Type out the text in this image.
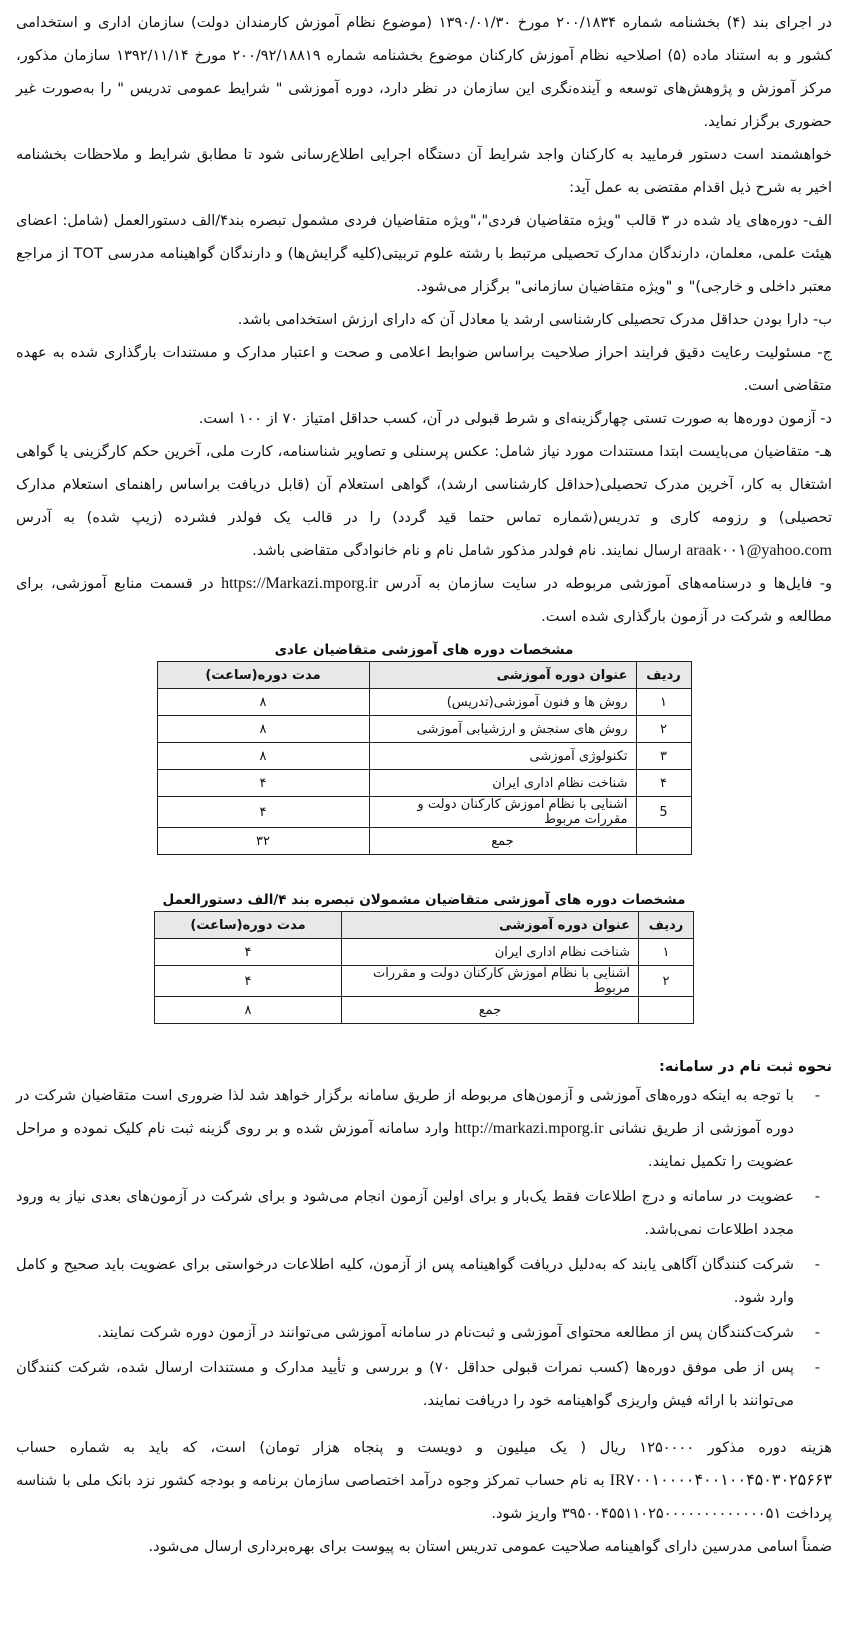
در اجرای بند (۴) بخشنامه شماره ۲۰۰/۱۸۳۴ مورخ ۱۳۹۰/۰۱/۳۰ (موضوع نظام آموزش کارمندان دولت) سازمان اداری و استخدامی کشور و به استناد ماده (۵) اصلاحیه نظام آموزش کارکنان موضوع بخشنامه شماره ۲۰۰/۹۲/۱۸۸۱۹ مورخ ۱۳۹۲/۱۱/۱۴ سازمان مذکور، مرکز آموزش و پژوهش‌های توسعه و آینده‌نگری این سازمان در نظر دارد، دوره آموزشی " شرایط عمومی تدریس " را به‌صورت غیر حضوری برگزار نماید.

خواهشمند است دستور فرمایید به کارکنان واجد شرایط آن دستگاه اجرایی اطلاع‌رسانی شود تا مطابق شرایط و ملاحظات بخشنامه اخیر به شرح ذیل اقدام مقتضی به عمل آید:

الف- دوره‌های یاد شده در ۳ قالب "ویژه متقاضیان فردی"،"ویژه متقاضیان فردی مشمول تبصره بند۴/الف دستورالعمل (شامل: اعضای هیئت علمی، معلمان، دارندگان مدارک تحصیلی مرتبط با رشته علوم تربیتی(کلیه گرایش‌ها) و دارندگان گواهینامه مدرسی TOT از مراجع معتبر داخلی و خارجی)" و "ویژه متقاضیان سازمانی" برگزار می‌شود.

ب- دارا بودن حداقل مدرک تحصیلی کارشناسی ارشد یا معادل آن که دارای ارزش استخدامی باشد.

ج- مسئولیت رعایت دقیق فرایند احراز صلاحیت براساس ضوابط اعلامی و صحت و اعتبار مدارک و مستندات بارگذاری شده به عهده متقاضی است.

د- آزمون دوره‌ها به صورت تستی چهارگزینه‌ای و شرط قبولی در آن، کسب حداقل امتیاز ۷۰ از ۱۰۰ است.

هـ- متقاضیان می‌بایست ابتدا مستندات مورد نیاز شامل: عکس پرسنلی و تصاویر شناسنامه، کارت ملی، آخرین حکم کارگزینی یا گواهی اشتغال به کار، آخرین مدرک تحصیلی(حداقل کارشناسی ارشد)، گواهی استعلام آن (قابل دریافت براساس راهنمای استعلام مدارک تحصیلی) و رزومه کاری و تدریس(شماره تماس حتما قید گردد) را در قالب یک فولدر فشرده (زیپ شده) به آدرس araak۰۰۱@yahoo.com ارسال نمایند. نام فولدر مذکور شامل نام و نام خانوادگی متقاضی باشد.

و- فایل‌ها و درسنامه‌های آموزشی مربوطه در سایت سازمان به آدرس https://Markazi.mporg.ir در قسمت منابع آموزشی، برای مطالعه و شرکت در آزمون بارگذاری شده است.

مشخصات دوره های آموزشی متقاضیان عادی
ردیف	عنوان دوره آموزشی	مدت دوره(ساعت)
۱	روش ها و فنون آموزشی(تدریس)	۸
۲	روش های سنجش و ارزشیابی آموزشی	۸
۳	تکنولوژی آموزشی	۸
۴	شناخت نظام اداری ایران	۴
5	آشنایی با نظام آموزش کارکنان دولت و مقررات مربوط	۴
	جمع	۳۲
مشخصات دوره های آموزشی متقاضیان مشمولان تبصره بند ۴/الف دستورالعمل
ردیف	عنوان دوره آموزشی	مدت دوره(ساعت)
۱	شناخت نظام اداری ایران	۴
۲	آشنایی با نظام آموزش کارکنان دولت و مقررات مربوط	۴
	جمع	۸
نحوه ثبت نام در سامانه:
-
با توجه به اینکه دوره‌های آموزشی و آزمون‌های مربوطه از طریق سامانه برگزار خواهد شد لذا ضروری است متقاضیان شرکت در دوره آموزشی از طریق نشانی http://markazi.mporg.ir وارد سامانه آموزش شده و بر روی گزینه ثبت نام کلیک نموده و مراحل عضویت را تکمیل نمایند.
-
عضویت در سامانه و درج اطلاعات فقط یک‌بار و برای اولین آزمون انجام می‌شود و برای شرکت در آزمون‌های بعدی نیاز به ورود مجدد اطلاعات نمی‌باشد.
-
شرکت کنندگان آگاهی یابند که به‌دلیل دریافت گواهینامه پس از آزمون، کلیه اطلاعات درخواستی برای عضویت باید صحیح و کامل وارد شود.
-
شرکت‌کنندگان پس از مطالعه محتوای آموزشی و ثبت‌نام در سامانه آموزشی می‌توانند در آزمون دوره شرکت نمایند.
-
پس از طی موفق دوره‌ها (کسب نمرات قبولی حداقل ۷۰) و بررسی و تأیید مدارک و مستندات ارسال شده، شرکت کنندگان می‌توانند با ارائه فیش واریزی گواهینامه خود را دریافت نمایند.

هزینه دوره مذکور ۱۲۵۰۰۰۰ ریال ( یک میلیون و دویست و پنجاه هزار تومان) است، که باید به شماره حساب IR۷۰۰۱۰۰۰۰۴۰۰۱۰۰۴۵۰۳۰۲۵۶۶۳ به نام حساب تمرکز وجوه درآمد اختصاصی سازمان برنامه و بودجه کشور نزد بانک ملی با شناسه پرداخت ۳۹۵۰۰۴۵۵۱۱۰۲۵۰۰۰۰۰۰۰۰۰۰۰۰۰۵۱ واریز شود.

ضمناً اسامی مدرسین دارای گواهینامه صلاحیت عمومی تدریس استان به پیوست برای بهره‌برداری ارسال می‌شود.
